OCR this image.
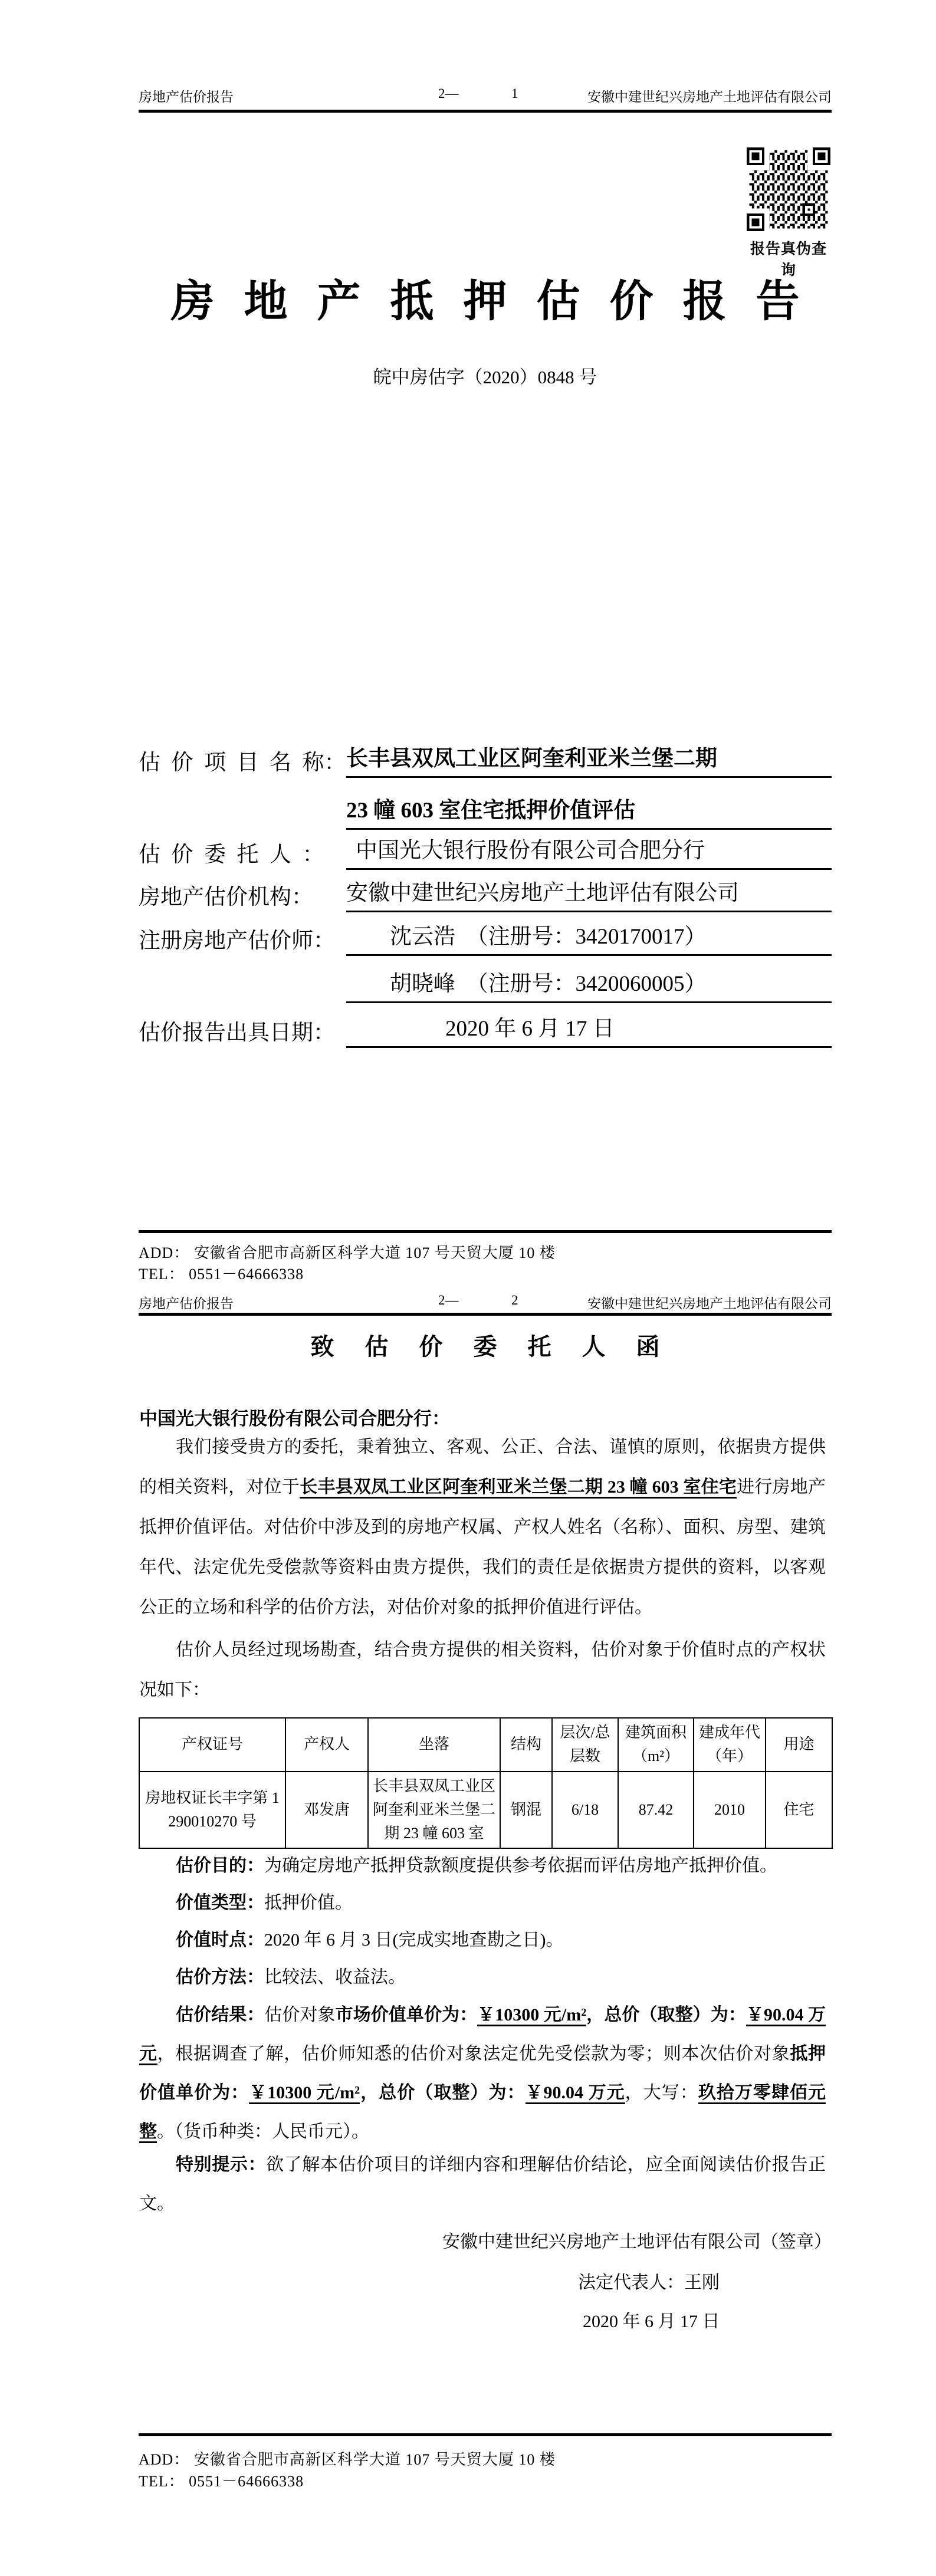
房地产估价报告	2—	1	安徽中建世纪兴房地产土地评估有限公司
报告真伪查询
房地产抵押估价报告
皖中房估字（2020）0848 号
估  价  项  目  名  称： 长丰县双凤工业区阿奎利亚米兰堡二期
23 幢 603 室住宅抵押价值评估
估  价  委  托  人  ：	中国光大银行股份有限公司合肥分行
房地产估价机构：	安徽中建世纪兴房地产土地评估有限公司
注册房地产估价师：	沈云浩　（注册号：3420170017）
胡晓峰　（注册号：3420060005）
估价报告出具日期：	2020 年 6 月 17 日
ADD： 安徽省合肥市高新区科学大道 107 号天贸大厦 10 楼
TEL： 0551－64666338
房地产估价报告	2—	2	安徽中建世纪兴房地产土地评估有限公司
致估价委托人函
中国光大银行股份有限公司合肥分行：
我们接受贵方的委托，秉着独立、客观、公正、合法、谨慎的原则，依据贵方提供的相关资料，对位于长丰县双凤工业区阿奎利亚米兰堡二期 23 幢 603 室住宅进行房地产抵押价值评估。对估价中涉及到的房地产权属、产权人姓名（名称）、面积、房型、建筑年代、法定优先受偿款等资料由贵方提供，我们的责任是依据贵方提供的资料，以客观公正的立场和科学的估价方法，对估价对象的抵押价值进行评估。
估价人员经过现场勘查，结合贵方提供的相关资料，估价对象于价值时点的产权状况如下：
产权证号	产权人	坐落	结构	层次/总层数	建筑面积（m²）	建成年代（年）	用途
房地权证长丰字第 1290010270 号	邓发唐	长丰县双凤工业区阿奎利亚米兰堡二期 23 幢 603 室	钢混	6/18	87.42	2010	住宅
估价目的：为确定房地产抵押贷款额度提供参考依据而评估房地产抵押价值。
价值类型：抵押价值。
价值时点：2020 年 6 月 3 日(完成实地查勘之日)。
估价方法：比较法、收益法。
估价结果：估价对象市场价值单价为：￥10300 元/m²，总价（取整）为：￥90.04 万元，根据调查了解，估价师知悉的估价对象法定优先受偿款为零；则本次估价对象抵押价值单价为：￥10300 元/m²，总价（取整）为：￥90.04 万元，大写：玖拾万零肆佰元整。（货币种类：人民币元）。
特别提示：欲了解本估价项目的详细内容和理解估价结论，应全面阅读估价报告正文。
安徽中建世纪兴房地产土地评估有限公司（签章）
法定代表人：王刚
2020 年 6 月 17 日
ADD： 安徽省合肥市高新区科学大道 107 号天贸大厦 10 楼
TEL： 0551－64666338
